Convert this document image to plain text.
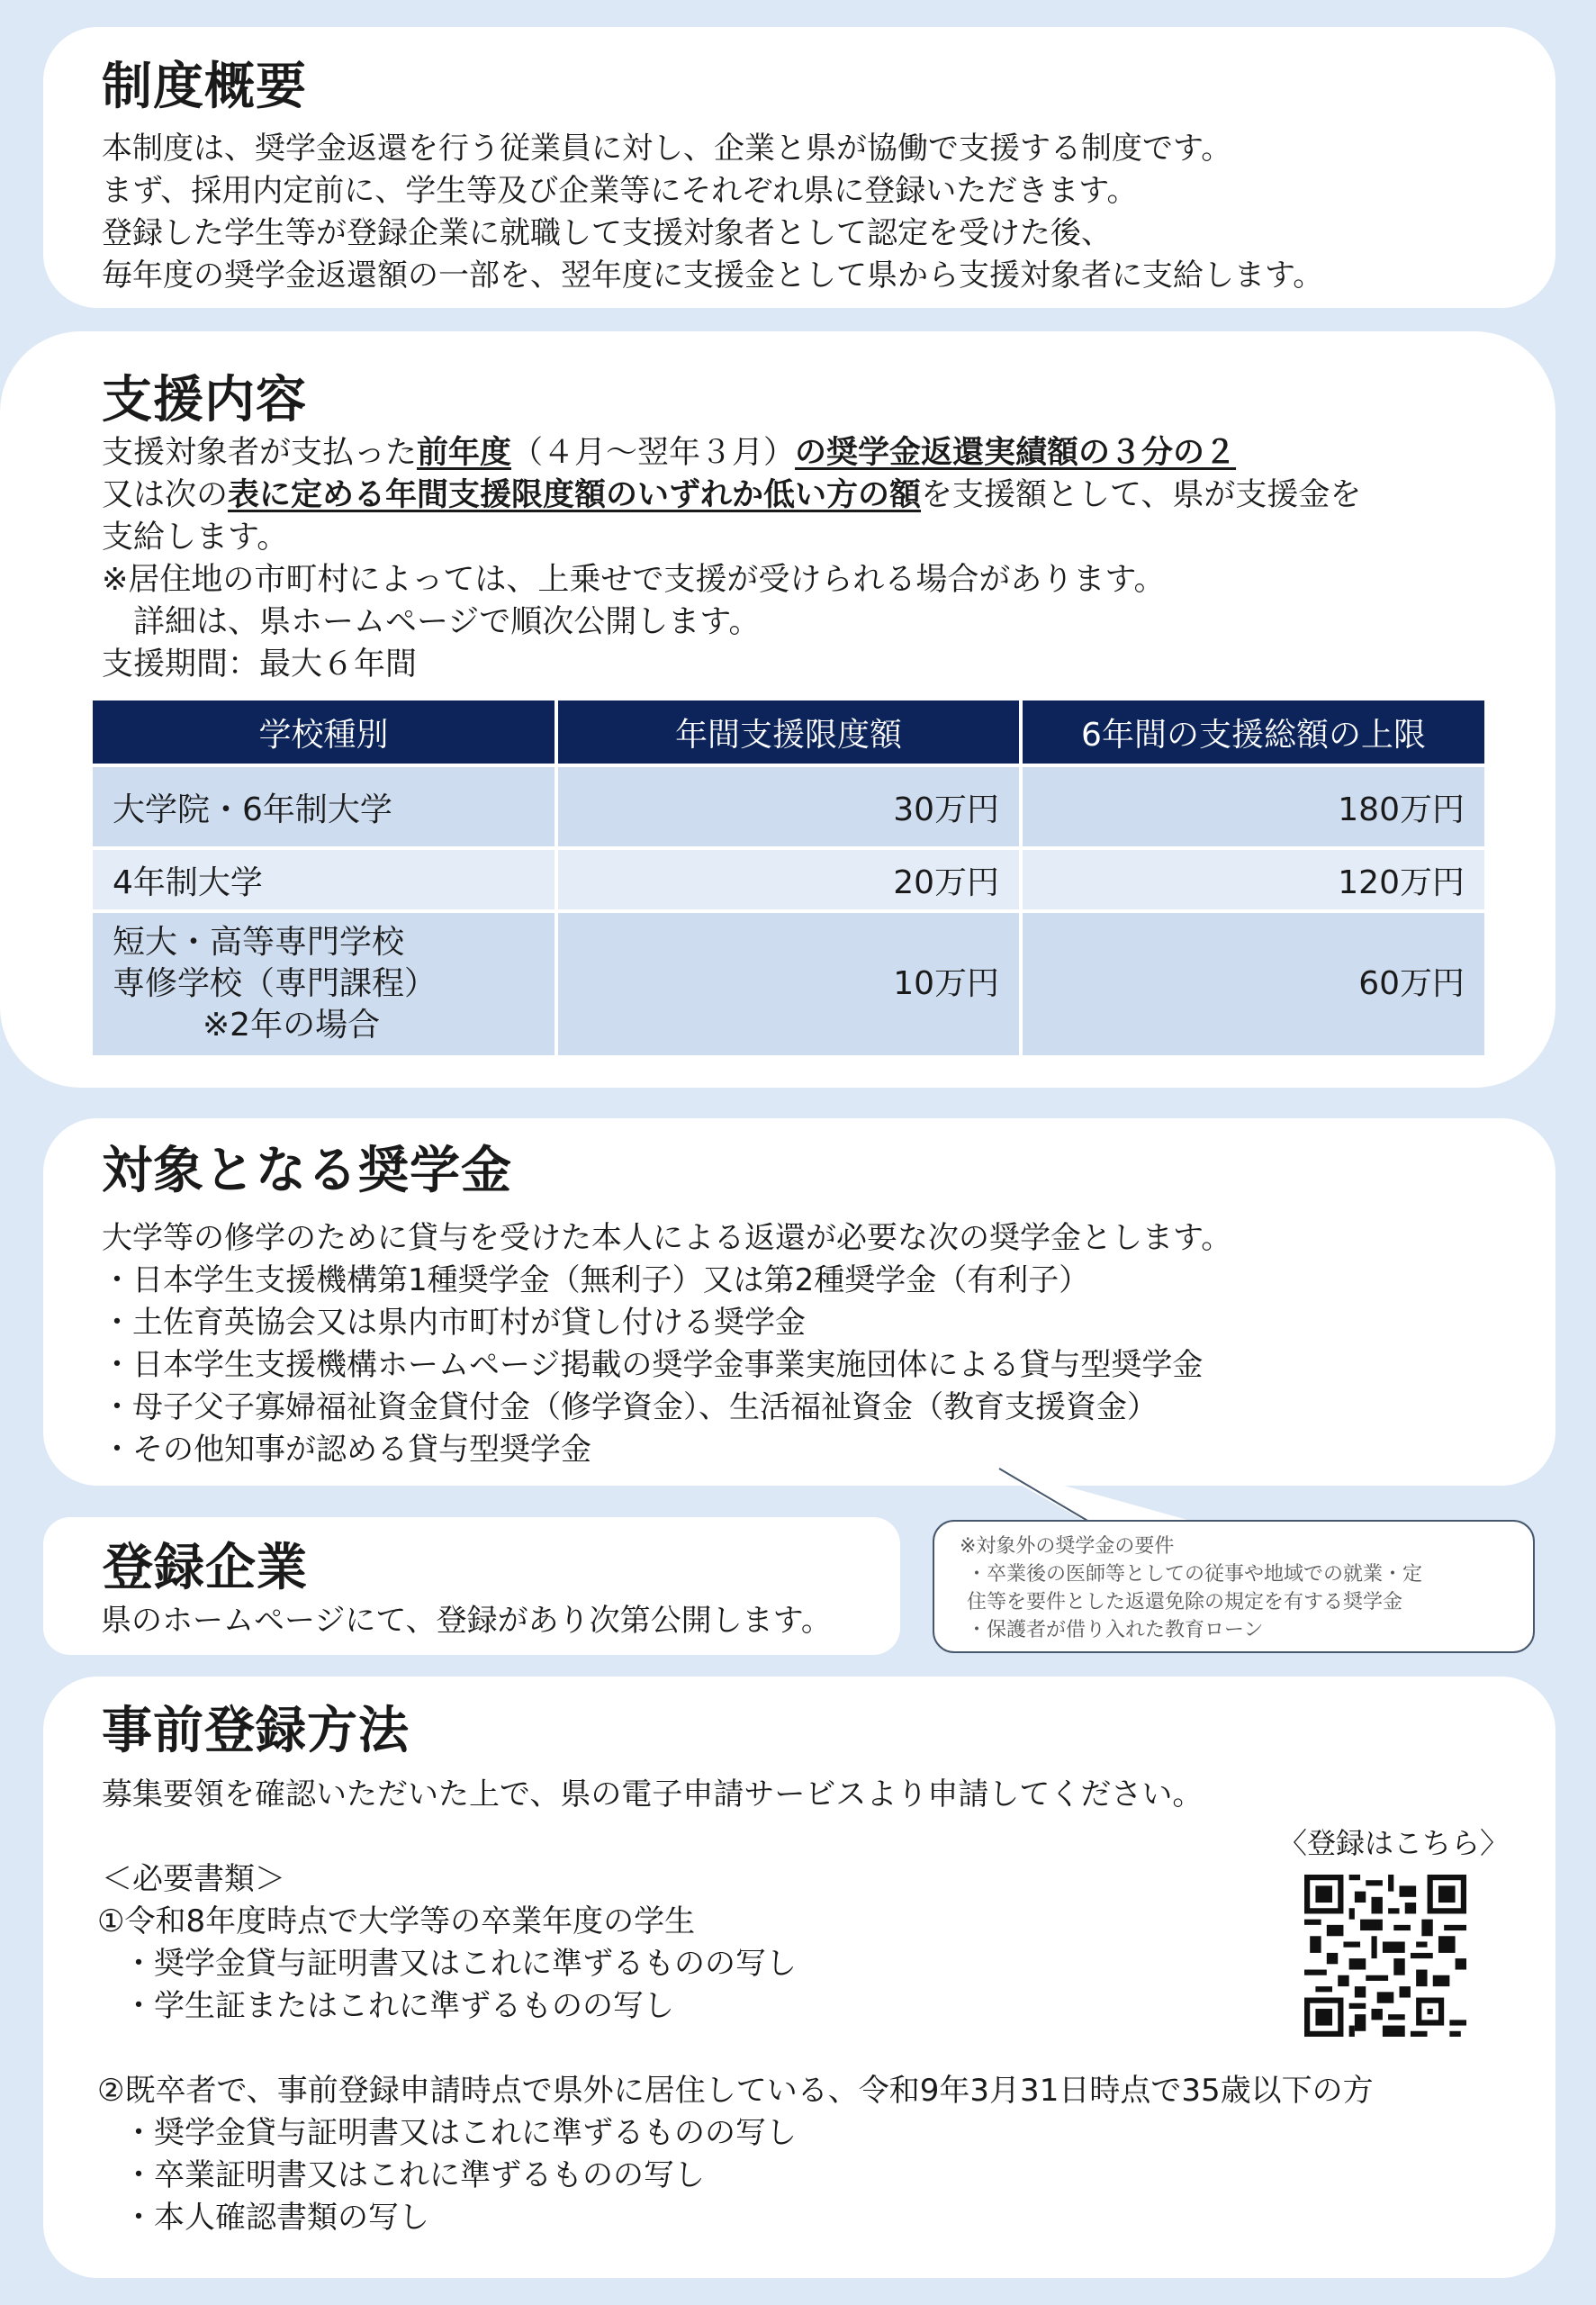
制度概要
本制度は、奨学金返還を行う従業員に対し、企業と県が協働で支援する制度です。
まず、採用内定前に、学生等及び企業等にそれぞれ県に登録いただきます。
登録した学生等が登録企業に就職して支援対象者として認定を受けた後、
毎年度の奨学金返還額の一部を、翌年度に支援金として県から支援対象者に支給します。
支援内容
支援対象者が支払った前年度（４月～翌年３月）の奨学金返還実績額の３分の２
又は次の表に定める年間支援限度額のいずれか低い方の額を支援額として、県が支援金を
支給します。
※居住地の市町村によっては、上乗せで支援が受けられる場合があります。
　詳細は、県ホームページで順次公開します。
支援期間：最大６年間
学校種別	年間支援限度額	6年間の支援総額の上限
大学院・6年制大学	30万円	180万円
4年制大学	20万円	120万円

短大・高等専門学校
専修学校（専門課程）
※2年の場合	10万円	60万円
対象となる奨学金
大学等の修学のために貸与を受けた本人による返還が必要な次の奨学金とします。
・日本学生支援機構第1種奨学金（無利子）又は第2種奨学金（有利子）
・土佐育英協会又は県内市町村が貸し付ける奨学金
・日本学生支援機構ホームページ掲載の奨学金事業実施団体による貸与型奨学金
・母子父子寡婦福祉資金貸付金（修学資金）、生活福祉資金（教育支援資金）
・その他知事が認める貸与型奨学金
登録企業
県のホームページにて、登録があり次第公開します。
※対象外の奨学金の要件
・卒業後の医師等としての従事や地域での就業・定
住等を要件とした返還免除の規定を有する奨学金
・保護者が借り入れた教育ローン
事前登録方法
募集要領を確認いただいた上で、県の電子申請サービスより申請してください。
＜必要書類＞
①令和8年度時点で大学等の卒業年度の学生
・奨学金貸与証明書又はこれに準ずるものの写し
・学生証またはこれに準ずるものの写し
②既卒者で、事前登録申請時点で県外に居住している、令和9年3月31日時点で35歳以下の方
・奨学金貸与証明書又はこれに準ずるものの写し
・卒業証明書又はこれに準ずるものの写し
・本人確認書類の写し
〈登録はこちら〉
